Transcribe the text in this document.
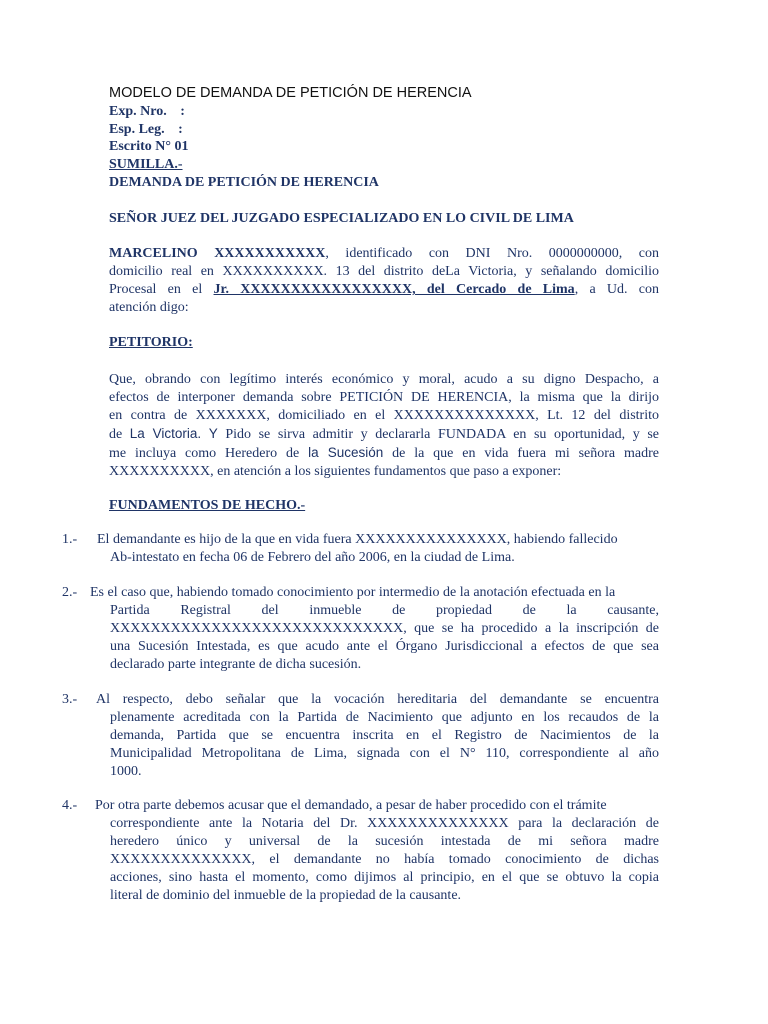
MODELO DE DEMANDA DE PETICIÓN DE HERENCIA
Exp. Nro. :
Esp. Leg. :
Escrito N° 01
SUMILLA.-
DEMANDA DE PETICIÓN DE HERENCIA
SEÑOR JUEZ DEL JUZGADO ESPECIALIZADO EN LO CIVIL DE LIMA
MARCELINO XXXXXXXXXXX, identificado con DNI Nro. 0000000000, con
domicilio real en XXXXXXXXXX. 13 del distrito deLa Victoria, y señalando domicilio
Procesal en el Jr. XXXXXXXXXXXXXXXXX, del Cercado de Lima, a Ud. con
atención digo:
PETITORIO:
Que, obrando con legítimo interés económico y moral, acudo a su digno Despacho, a
efectos de interponer demanda sobre PETICIÓN DE HERENCIA, la misma que la dirijo
en contra de XXXXXXX, domiciliado en el XXXXXXXXXXXXXX, Lt. 12 del distrito
de La Victoria. Y Pido se sirva admitir y declararla FUNDADA en su oportunidad, y se
me incluya como Heredero de la Sucesión de la que en vida fuera mi señora madre
XXXXXXXXXX, en atención a los siguientes fundamentos que paso a exponer:
FUNDAMENTOS DE HECHO.-
1.-	El demandante es hijo de la que en vida fuera XXXXXXXXXXXXXXX, habiendo fallecido
Ab-intestato en fecha 06 de Febrero del año 2006, en la ciudad de Lima.
2.- Es el caso que, habiendo tomado conocimiento por intermedio de la anotación efectuada en la
Partida Registral del inmueble de propiedad de la causante,
XXXXXXXXXXXXXXXXXXXXXXXXXXXXX, que se ha procedido a la inscripción de
una Sucesión Intestada, es que acudo ante el Órgano Jurisdiccional a efectos de que sea
declarado parte integrante de dicha sucesión.
3.-	Al respecto, debo señalar que la vocación hereditaria del demandante se encuentra
plenamente acreditada con la Partida de Nacimiento que adjunto en los recaudos de la
demanda, Partida que se encuentra inscrita en el Registro de Nacimientos de la
Municipalidad Metropolitana de Lima, signada con el N° 110, correspondiente al año
1000.
4.-	Por otra parte debemos acusar que el demandado, a pesar de haber procedido con el trámite
correspondiente ante la Notaria del Dr. XXXXXXXXXXXXXX para la declaración de
heredero único y universal de la sucesión intestada de mi señora madre
XXXXXXXXXXXXXX, el demandante no había tomado conocimiento de dichas
acciones, sino hasta el momento, como dijimos al principio, en el que se obtuvo la copia
literal de dominio del inmueble de la propiedad de la causante.
